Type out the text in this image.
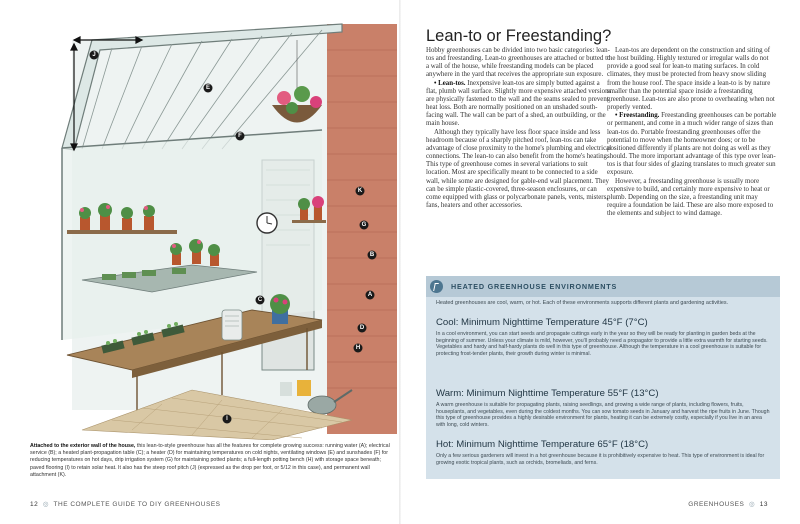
J
A
B
C
D
E
F
G
H
I
K
Attached to the exterior wall of the house, this lean-to-style greenhouse has all the features for complete growing success: running water (A); electrical service (B); a heated plant-propagation table (C); a heater (D) for maintaining temperatures on cold nights, ventilating windows (E) and sunshades (F) for reducing temperatures on hot days, drip irrigation system (G) for maintaining potted plants; a full-length potting bench (H) with storage space beneath; paved flooring (I) to retain solar heat. It also has the steep roof pitch (J) (expressed as the drop per foot, or 5/12 in this case), and permanent wall attachment (K).
12  ◎  THE COMPLETE GUIDE TO DIY GREENHOUSES
Lean-to or Freestanding?

Hobby greenhouses can be divided into two basic categories: lean-tos and freestanding. Lean-to greenhouses are attached or butted to a wall of the house, while freestanding models can be placed anywhere in the yard that receives the appropriate sun exposure.

• Lean-tos. Inexpensive lean-tos are simply butted against a flat, plumb wall surface. Slightly more expensive attached versions are physically fastened to the wall and the seams sealed to prevent heat loss. Both are normally positioned on an unshaded south-facing wall. The wall can be part of a shed, an outbuilding, or the main house.

Although they typically have less floor space inside and less headroom because of a sharply pitched roof, lean-tos can take advantage of close proximity to the home's plumbing and electrical connections. The lean-to can also benefit from the home's heating. This type of greenhouse comes in several variations to suit location. Most are specifically meant to be connected to a side wall, while some are designed for gable-end wall placement. They can be simple plastic-covered, three-season enclosures, or can come equipped with glass or polycarbonate panels, vents, misters, fans, heaters and other accessories.

Lean-tos are dependent on the construction and siting of the host building. Highly textured or irregular walls do not provide a good seal for lean-to mating surfaces. In cold climates, they must be protected from heavy snow sliding from the house roof. The space inside a lean-to is by nature smaller than the potential space inside a freestanding greenhouse. Lean-tos are also prone to overheating when not properly vented.

• Freestanding. Freestanding greenhouses can be portable or permanent, and come in a much wider range of sizes than lean-tos do. Portable freestanding greenhouses offer the potential to move when the homeowner does; or to be positioned differently if plants are not doing as well as they should. The more important advantage of this type over lean-tos is that four sides of glazing translates to much greater sun exposure.

However, a freestanding greenhouse is usually more expensive to build, and certainly more expensive to heat or plumb. Depending on the size, a freestanding unit may require a foundation be laid. These are also more exposed to the elements and subject to wind damage.

HEATED GREENHOUSE ENVIRONMENTS

Heated greenhouses are cool, warm, or hot. Each of these environments supports different plants and gardening activities.

Cool: Minimum Nighttime Temperature 45°F (7°C)

In a cool environment, you can start seeds and propagate cuttings early in the year so they will be ready for planting in garden beds at the beginning of summer. Unless your climate is mild, however, you'll probably need a propagator to provide a little extra warmth for starting seeds. Vegetables and hardy and half-hardy plants do well in this type of greenhouse. Although the temperature in a cool greenhouse is suitable for protecting frost-tender plants, their growth during winter is minimal.

Warm: Minimum Nighttime Temperature 55°F (13°C)

A warm greenhouse is suitable for propagating plants, raising seedlings, and growing a wide range of plants, including flowers, fruits, houseplants, and vegetables, even during the coldest months. You can sow tomato seeds in January and harvest the ripe fruits in June. Though this type of greenhouse provides a highly desirable environment for plants, heating it can be extremely costly, especially if you live in an area with long, cold winters.

Hot: Minimum Nighttime Temperature 65°F (18°C)

Only a few serious gardeners will invest in a hot greenhouse because it is prohibitively expensive to heat. This type of environment is ideal for growing exotic tropical plants, such as orchids, bromeliads, and ferns.

GREENHOUSES  ◎  13
